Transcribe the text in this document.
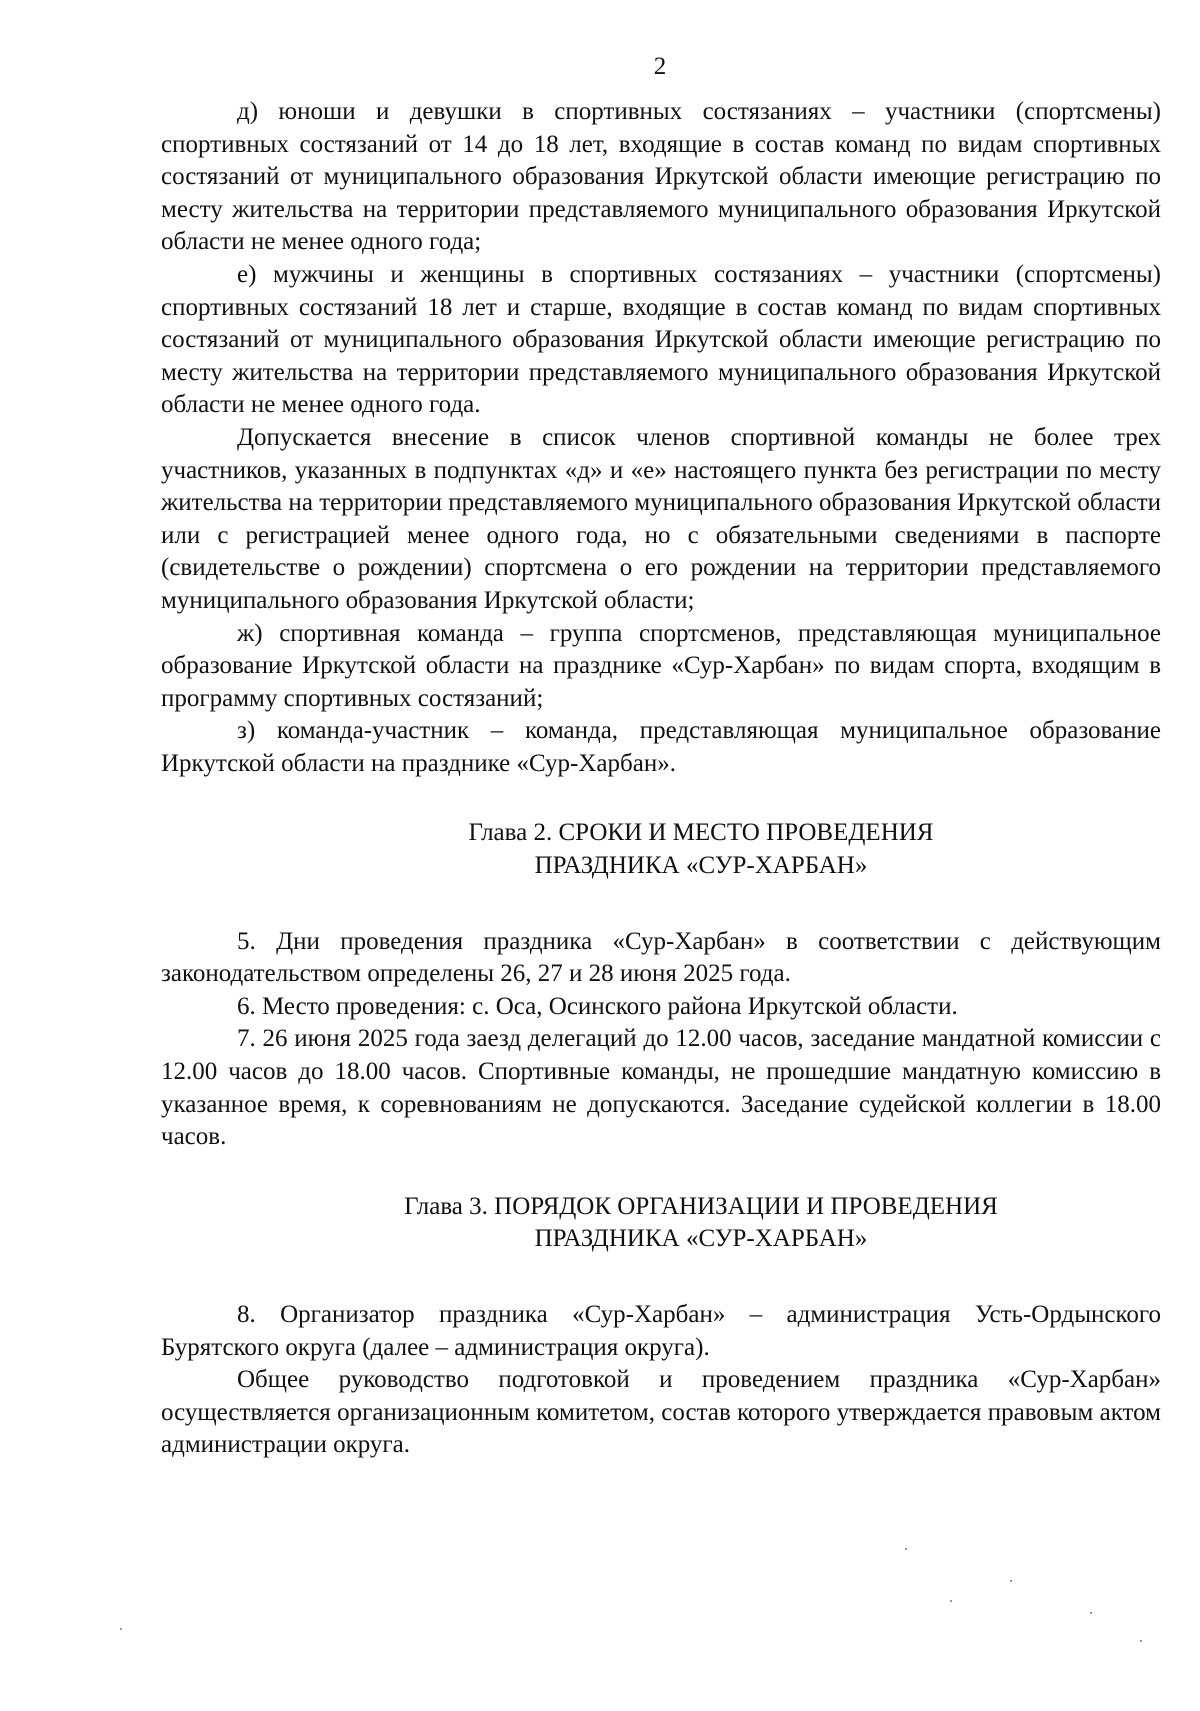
2

д) юноши и девушки в спортивных состязаниях – участники (спортсмены) спортивных состязаний от 14 до 18 лет, входящие в состав команд по видам спортивных состязаний от муниципального образования Иркутской области имеющие регистрацию по месту жительства на территории представляемого муниципального образования Иркутской области не менее одного года;

е) мужчины и женщины в спортивных состязаниях – участники (спортсмены) спортивных состязаний 18 лет и старше, входящие в состав команд по видам спортивных состязаний от муниципального образования Иркутской области имеющие регистрацию по месту жительства на территории представляемого муниципального образования Иркутской области не менее одного года.

Допускается внесение в список членов спортивной команды не более трех участников, указанных в подпунктах «д» и «е» настоящего пункта без регистрации по месту жительства на территории представляемого муниципального образования Иркутской области или с регистрацией менее одного года, но с обязательными сведениями в паспорте (свидетельстве о рождении) спортсмена о его рождении на территории представляемого муниципального образования Иркутской области;

ж) спортивная команда – группа спортсменов, представляющая муниципальное образование Иркутской области на празднике «Сур-Харбан» по видам спорта, входящим в программу спортивных состязаний;

з) команда-участник – команда, представляющая муниципальное образование Иркутской области на празднике «Сур-Харбан».

Глава 2. СРОКИ И МЕСТО ПРОВЕДЕНИЯ
ПРАЗДНИКА «СУР-ХАРБАН»

5. Дни проведения праздника «Сур-Харбан» в соответствии с действующим законодательством определены 26, 27 и 28 июня 2025 года.

6. Место проведения: с. Оса, Осинского района Иркутской области.

7. 26 июня 2025 года заезд делегаций до 12.00 часов, заседание мандатной комиссии с 12.00 часов до 18.00 часов. Спортивные команды, не прошедшие мандатную комиссию в указанное время, к соревнованиям не допускаются. Заседание судейской коллегии в 18.00 часов.

Глава 3. ПОРЯДОК ОРГАНИЗАЦИИ И ПРОВЕДЕНИЯ
ПРАЗДНИКА «СУР-ХАРБАН»

8. Организатор праздника «Сур-Харбан» – администрация Усть-Ордынского Бурятского округа (далее – администрация округа).

Общее руководство подготовкой и проведением праздника «Сур-Харбан» осуществляется организационным комитетом, состав которого утверждается правовым актом администрации округа.
